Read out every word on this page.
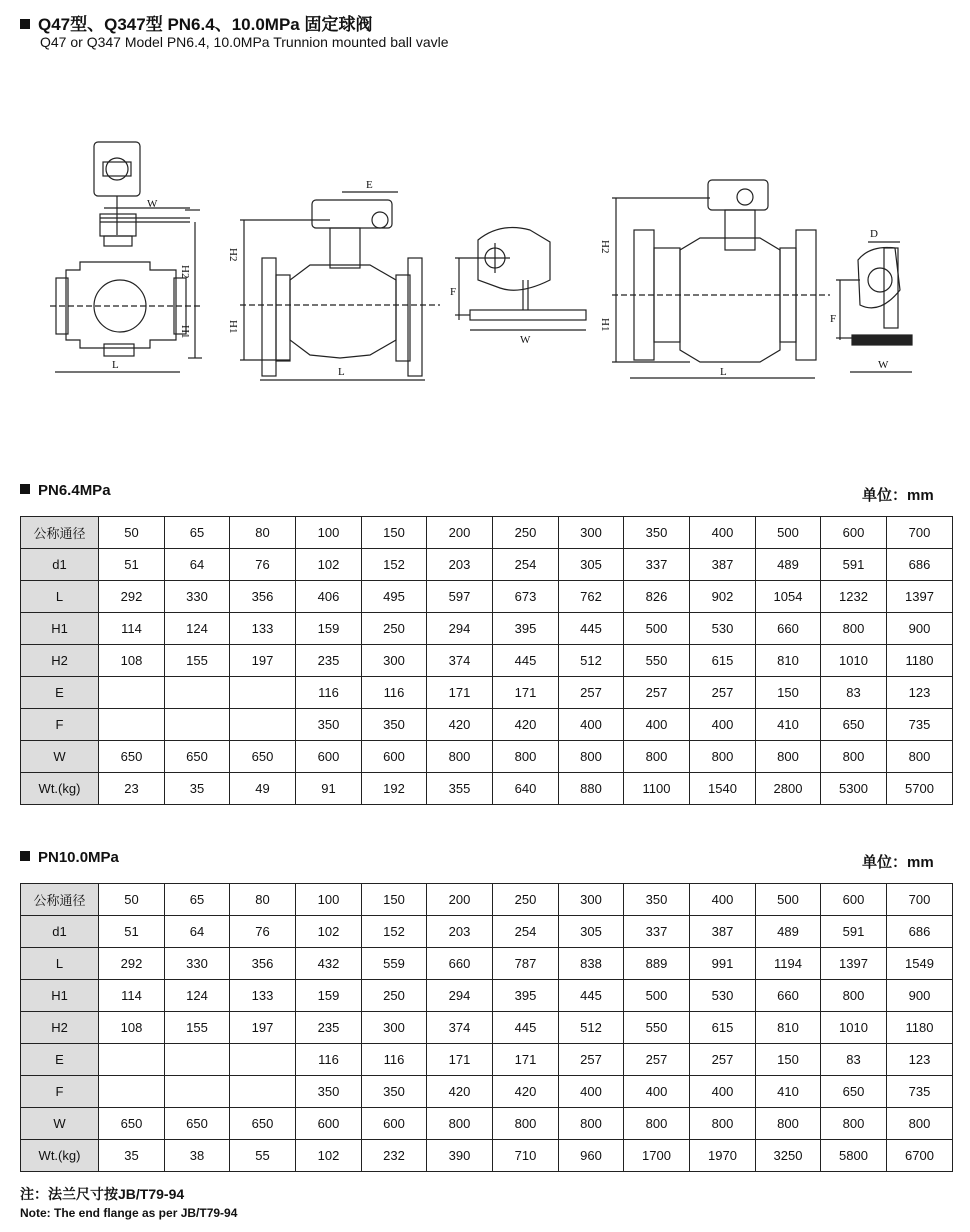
Q47型、Q347型 PN6.4、10.0MPa 固定球阀
Q47 or Q347 Model PN6.4, 10.0MPa Trunnion mounted ball vavle
W
L
H2
H1
E
L
H2
H1
F
W
L
H2
H1
D
F
W
PN6.4MPa	单位：mm
公称通径	50	65	80	100	150	200	250	300	350	400	500	600	700
d1	51	64	76	102	152	203	254	305	337	387	489	591	686
L	292	330	356	406	495	597	673	762	826	902	1054	1232	1397
H1	114	124	133	159	250	294	395	445	500	530	660	800	900
H2	108	155	197	235	300	374	445	512	550	615	810	1010	1180
E				116	116	171	171	257	257	257	150	83	123
F				350	350	420	420	400	400	400	410	650	735
W	650	650	650	600	600	800	800	800	800	800	800	800	800
Wt.(kg)	23	35	49	91	192	355	640	880	1100	1540	2800	5300	5700
PN10.0MPa	单位：mm
公称通径	50	65	80	100	150	200	250	300	350	400	500	600	700
d1	51	64	76	102	152	203	254	305	337	387	489	591	686
L	292	330	356	432	559	660	787	838	889	991	1194	1397	1549
H1	114	124	133	159	250	294	395	445	500	530	660	800	900
H2	108	155	197	235	300	374	445	512	550	615	810	1010	1180
E				116	116	171	171	257	257	257	150	83	123
F				350	350	420	420	400	400	400	410	650	735
W	650	650	650	600	600	800	800	800	800	800	800	800	800
Wt.(kg)	35	38	55	102	232	390	710	960	1700	1970	3250	5800	6700
注：法兰尺寸按JB/T79-94
Note: The end flange as per JB/T79-94
